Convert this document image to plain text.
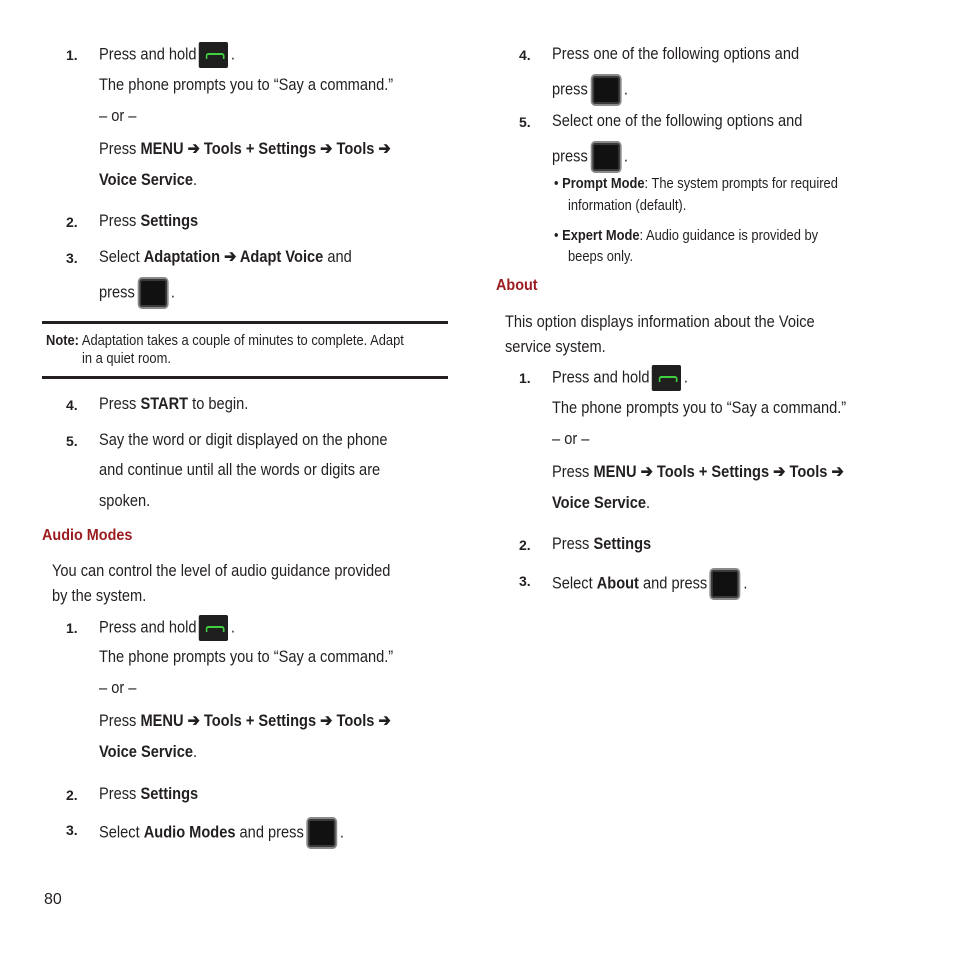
1. Press and hold .
The phone prompts you to “Say a command.”
– or –
Press MENU ➔ Tools + Settings ➔ Tools ➔
Voice Service.
2. Press Settings
3. Select Adaptation ➔ Adapt Voice and
press .
Note: Adaptation takes a couple of minutes to complete. Adapt
in a quiet room.
4. Press START to begin.
5. Say the word or digit displayed on the phone
and continue until all the words or digits are
spoken.
Audio Modes
You can control the level of audio guidance provided
by the system.
1. Press and hold .
The phone prompts you to “Say a command.”
– or –
Press MENU ➔ Tools + Settings ➔ Tools ➔
Voice Service.
2. Press Settings
3. Select Audio Modes and press .
4. Press one of the following options and
press .
5. Select one of the following options and
press .
• Prompt Mode: The system prompts for required
information (default).
• Expert Mode: Audio guidance is provided by
beeps only.
About
This option displays information about the Voice
service system.
1. Press and hold .
The phone prompts you to “Say a command.”
– or –
Press MENU ➔ Tools + Settings ➔ Tools ➔
Voice Service.
2. Press Settings
3. Select About and press .
80
